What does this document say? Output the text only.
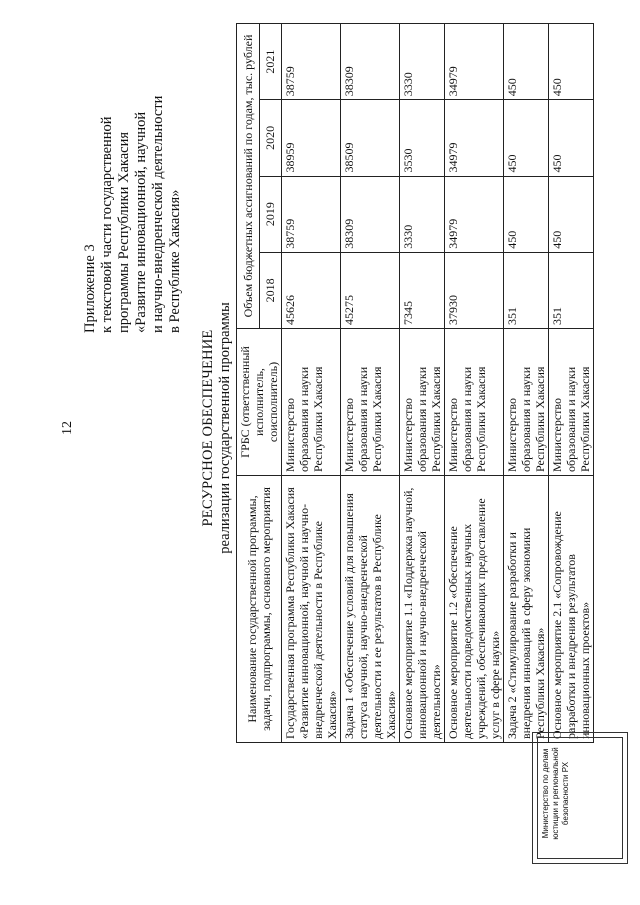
12
Приложение 3 к текстовой части государственной программы Республики Хакасия «Развитие инновационной, научной и научно-внедренческой деятельности в Республике Хакасия»
РЕСУРСНОЕ ОБЕСПЕЧЕНИЕ реализации государственной программы
Наименование государственной программы, задачи, подпрограммы, основного мероприятия	ГРБС (ответственный исполнитель, соисполнитель)	Объем бюджетных ассигнований по годам, тыс. рублей			
		2018	2019	2020	2021
Государственная программа Республики Хакасия «Развитие инновационной, научной и научно-внедренческой деятельности в Республике Хакасия»	Министерство образования и науки Республики Хакасия	45626	38759	38959	38759
Задача 1 «Обеспечение условий для повышения статуса научной, научно-внедренческой деятельности и ее результатов в Республике Хакасия»	Министерство образования и науки Республики Хакасия	45275	38309	38509	38309
Основное мероприятие 1.1 «Поддержка научной, инновационной и научно-внедренческой деятельности»	Министерство образования и науки Республики Хакасия	7345	3330	3530	3330
Основное мероприятие 1.2 «Обеспечение деятельности подведомственных научных учреждений, обеспечивающих предоставление услуг в сфере науки»	Министерство образования и науки Республики Хакасия	37930	34979	34979	34979
Задача 2 «Стимулирование разработки и внедрения инноваций в сферу экономики Республики Хакасия»	Министерство образования и науки Республики Хакасия	351	450	450	450
Основное мероприятие 2.1 «Сопровождение разработки и внедрения результатов инновационных проектов»	Министерство образования и науки Республики Хакасия	351	450	450	450
Министерство по делам юстиции и региональной безопасности РХ
